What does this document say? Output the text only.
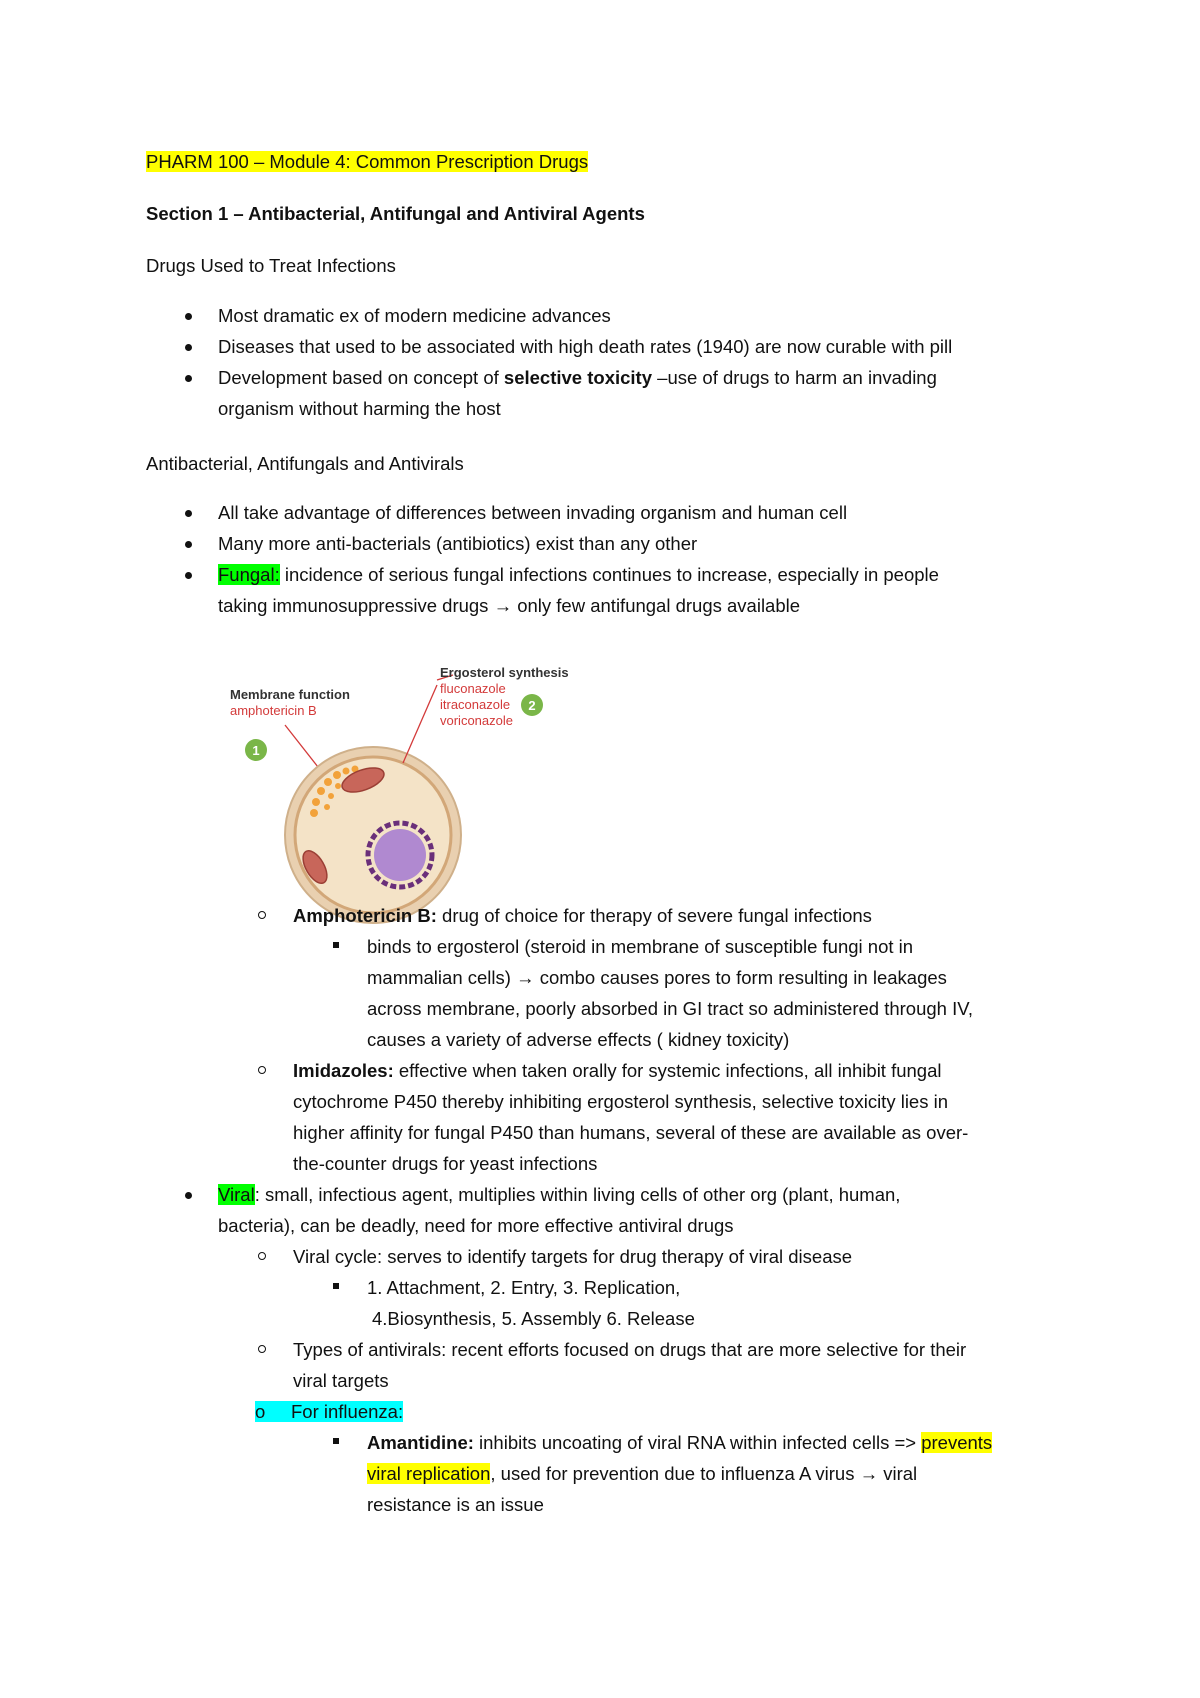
PHARM 100 – Module 4: Common Prescription Drugs
Section 1 – Antibacterial, Antifungal and Antiviral Agents
Drugs Used to Treat Infections
Most dramatic ex of modern medicine advances
Diseases that used to be associated with high death rates (1940) are now curable with pill
Development based on concept of selective toxicity –use of drugs to harm an invading
organism without harming the host
Antibacterial, Antifungals and Antivirals
All take advantage of differences between invading organism and human cell
Many more anti-bacterials (antibiotics) exist than any other
Fungal: incidence of serious fungal infections continues to increase, especially in people
taking immunosuppressive drugs → only few antifungal drugs available
Membrane function
amphotericin B
1
Ergosterol synthesis
fluconazole
itraconazole
voriconazole
2
Amphotericin B: drug of choice for therapy of severe fungal infections
binds to ergosterol (steroid in membrane of susceptible fungi not in
mammalian cells) → combo causes pores to form resulting in leakages
across membrane, poorly absorbed in GI tract so administered through IV,
causes a variety of adverse effects ( kidney toxicity)
Imidazoles: effective when taken orally for systemic infections, all inhibit fungal
cytochrome P450 thereby inhibiting ergosterol synthesis, selective toxicity lies in
higher affinity for fungal P450 than humans, several of these are available as over-
the-counter drugs for yeast infections
Viral: small, infectious agent, multiplies within living cells of other org (plant, human,
bacteria), can be deadly, need for more effective antiviral drugs
Viral cycle: serves to identify targets for drug therapy of viral disease
1. Attachment, 2. Entry, 3. Replication,
4.Biosynthesis, 5. Assembly 6. Release
Types of antivirals: recent efforts focused on drugs that are more selective for their
viral targets
o For influenza:
Amantidine: inhibits uncoating of viral RNA within infected cells => prevents
viral replication, used for prevention due to influenza A virus → viral
resistance is an issue
